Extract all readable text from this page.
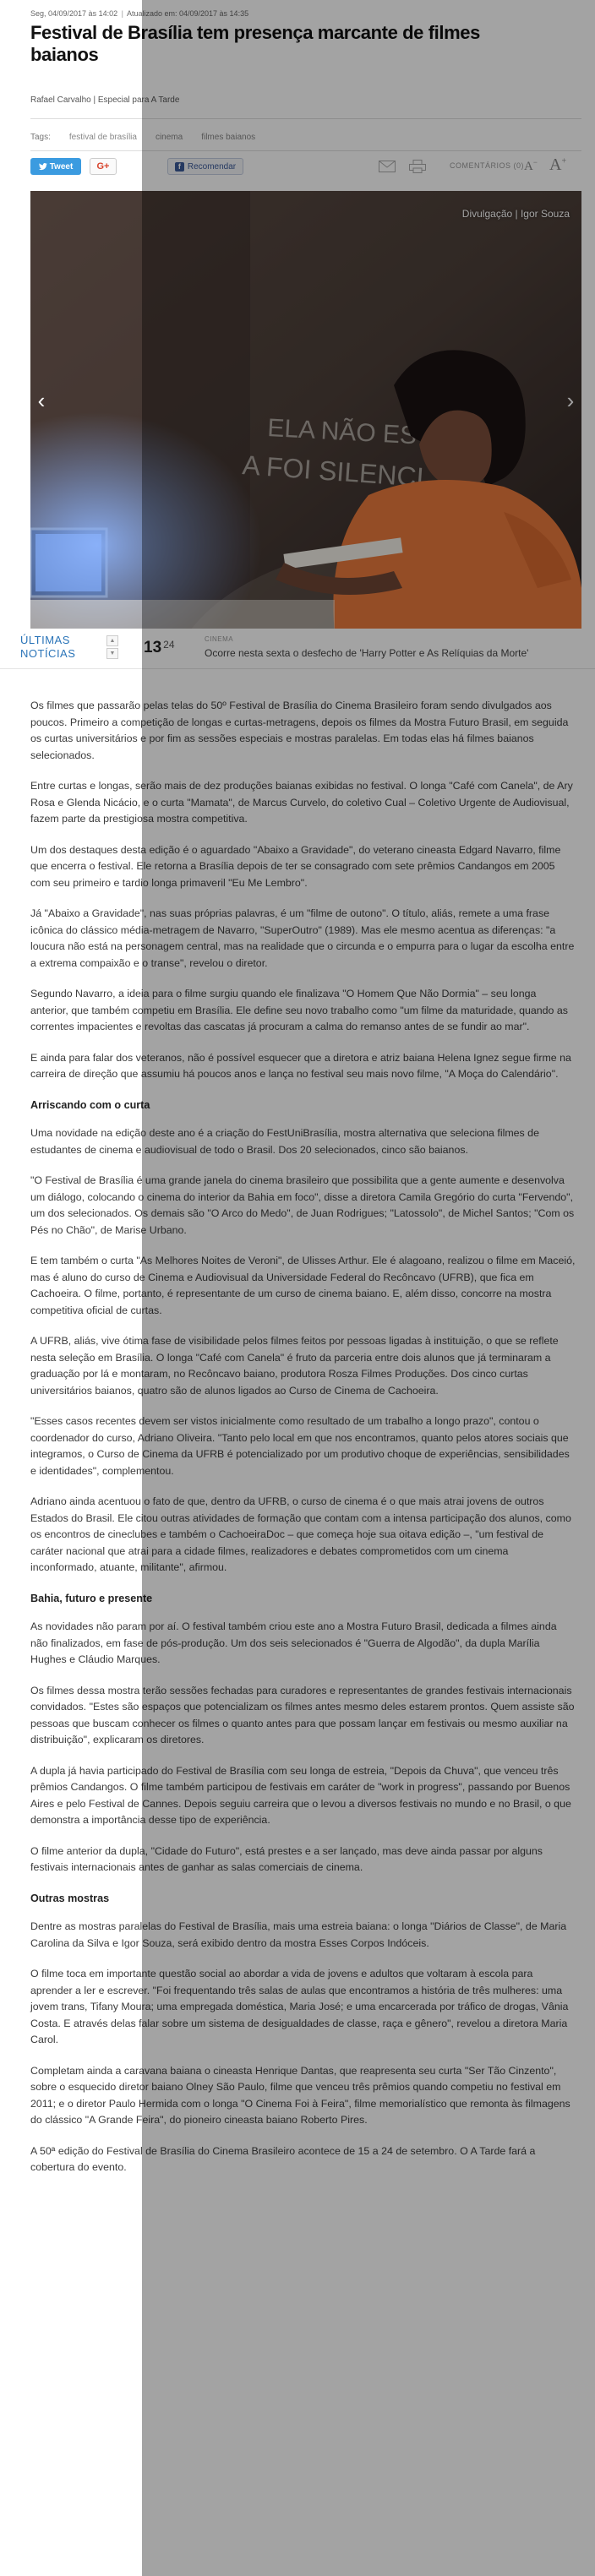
Seg, 04/09/2017 às 14:02 | Atualizado em: 04/09/2017 às 14:35
Festival de Brasília tem presença marcante de filmes baianos
Rafael Carvalho | Especial para A Tarde
Tags: festival de brasília cinema filmes baianos
Tweet	G+	f Recomendar	COMENTÁRIOS (0) A− A+
Divulgação | Igor Souza
‹	›
ÚLTIMAS NOTÍCIAS
▲
▼ 13 $^{24}$	CINEMA
Ocorre nesta sexta o desfecho de 'Harry Potter e As Relíquias da Morte'

Os filmes que passarão pelas telas do 50º Festival de Brasília do Cinema Brasileiro foram sendo divulgados aos poucos. Primeiro a competição de longas e curtas-metragens, depois os filmes da Mostra Futuro Brasil, em seguida os curtas universitários e por fim as sessões especiais e mostras paralelas. Em todas elas há filmes baianos selecionados.

Entre curtas e longas, serão mais de dez produções baianas exibidas no festival. O longa "Café com Canela", de Ary Rosa e Glenda Nicácio, e o curta "Mamata", de Marcus Curvelo, do coletivo Cual – Coletivo Urgente de Audiovisual, fazem parte da prestigiosa mostra competitiva.

Um dos destaques desta edição é o aguardado "Abaixo a Gravidade", do veterano cineasta Edgard Navarro, filme que encerra o festival. Ele retorna a Brasília depois de ter se consagrado com sete prêmios Candangos em 2005 com seu primeiro e tardio longa primaveril "Eu Me Lembro".

Já "Abaixo a Gravidade", nas suas próprias palavras, é um "filme de outono". O título, aliás, remete a uma frase icônica do clássico média-metragem de Navarro, "SuperOutro" (1989). Mas ele mesmo acentua as diferenças: "a loucura não está na personagem central, mas na realidade que o circunda e o empurra para o lugar da escolha entre a extrema compaixão e o transe", revelou o diretor.

Segundo Navarro, a ideia para o filme surgiu quando ele finalizava "O Homem Que Não Dormia" – seu longa anterior, que também competiu em Brasília. Ele define seu novo trabalho como "um filme da maturidade, quando as correntes impacientes e revoltas das cascatas já procuram a calma do remanso antes de se fundir ao mar".

E ainda para falar dos veteranos, não é possível esquecer que a diretora e atriz baiana Helena Ignez segue firme na carreira de direção que assumiu há poucos anos e lança no festival seu mais novo filme, "A Moça do Calendário".

Arriscando com o curta

Uma novidade na edição deste ano é a criação do FestUniBrasília, mostra alternativa que seleciona filmes de estudantes de cinema e audiovisual de todo o Brasil. Dos 20 selecionados, cinco são baianos.

"O Festival de Brasília é uma grande janela do cinema brasileiro que possibilita que a gente aumente e desenvolva um diálogo, colocando o cinema do interior da Bahia em foco", disse a diretora Camila Gregório do curta "Fervendo", um dos selecionados. Os demais são "O Arco do Medo", de Juan Rodrigues; "Latossolo", de Michel Santos; "Com os Pés no Chão", de Marise Urbano.

E tem também o curta "As Melhores Noites de Veroni", de Ulisses Arthur. Ele é alagoano, realizou o filme em Maceió, mas é aluno do curso de Cinema e Audiovisual da Universidade Federal do Recôncavo (UFRB), que fica em Cachoeira. O filme, portanto, é representante de um curso de cinema baiano. E, além disso, concorre na mostra competitiva oficial de curtas.

A UFRB, aliás, vive ótima fase de visibilidade pelos filmes feitos por pessoas ligadas à instituição, o que se reflete nesta seleção em Brasília. O longa "Café com Canela" é fruto da parceria entre dois alunos que já terminaram a graduação por lá e montaram, no Recôncavo baiano, produtora Rosza Filmes Produções. Dos cinco curtas universitários baianos, quatro são de alunos ligados ao Curso de Cinema de Cachoeira.

"Esses casos recentes devem ser vistos inicialmente como resultado de um trabalho a longo prazo", contou o coordenador do curso, Adriano Oliveira. "Tanto pelo local em que nos encontramos, quanto pelos atores sociais que integramos, o Curso de Cinema da UFRB é potencializado por um produtivo choque de experiências, sensibilidades e identidades", complementou.

Adriano ainda acentuou o fato de que, dentro da UFRB, o curso de cinema é o que mais atrai jovens de outros Estados do Brasil. Ele citou outras atividades de formação que contam com a intensa participação dos alunos, como os encontros de cineclubes e também o CachoeiraDoc – que começa hoje sua oitava edição –, "um festival de caráter nacional que atrai para a cidade filmes, realizadores e debates comprometidos com um cinema inconformado, atuante, militante", afirmou.

Bahia, futuro e presente

As novidades não param por aí. O festival também criou este ano a Mostra Futuro Brasil, dedicada a filmes ainda não finalizados, em fase de pós-produção. Um dos seis selecionados é "Guerra de Algodão", da dupla Marília Hughes e Cláudio Marques.

Os filmes dessa mostra terão sessões fechadas para curadores e representantes de grandes festivais internacionais convidados. "Estes são espaços que potencializam os filmes antes mesmo deles estarem prontos. Quem assiste são pessoas que buscam conhecer os filmes o quanto antes para que possam lançar em festivais ou mesmo auxiliar na distribuição", explicaram os diretores.

A dupla já havia participado do Festival de Brasília com seu longa de estreia, "Depois da Chuva", que venceu três prêmios Candangos. O filme também participou de festivais em caráter de "work in progress", passando por Buenos Aires e pelo Festival de Cannes. Depois seguiu carreira que o levou a diversos festivais no mundo e no Brasil, o que demonstra a importância desse tipo de experiência.

O filme anterior da dupla, "Cidade do Futuro", está prestes e a ser lançado, mas deve ainda passar por alguns festivais internacionais antes de ganhar as salas comerciais de cinema.

Outras mostras

Dentre as mostras paralelas do Festival de Brasília, mais uma estreia baiana: o longa "Diários de Classe", de Maria Carolina da Silva e Igor Souza, será exibido dentro da mostra Esses Corpos Indóceis.

O filme toca em importante questão social ao abordar a vida de jovens e adultos que voltaram à escola para aprender a ler e escrever. "Foi frequentando três salas de aulas que encontramos a história de três mulheres: uma jovem trans, Tifany Moura; uma empregada doméstica, Maria José; e uma encarcerada por tráfico de drogas, Vânia Costa. E através delas falar sobre um sistema de desigualdades de classe, raça e gênero", revelou a diretora Maria Carol.

Completam ainda a caravana baiana o cineasta Henrique Dantas, que reapresenta seu curta "Ser Tão Cinzento", sobre o esquecido diretor baiano Olney São Paulo, filme que venceu três prêmios quando competiu no festival em 2011; e o diretor Paulo Hermida com o longa "O Cinema Foi à Feira", filme memorialístico que remonta às filmagens do clássico "A Grande Feira", do pioneiro cineasta baiano Roberto Pires.

A 50ª edição do Festival de Brasília do Cinema Brasileiro acontece de 15 a 24 de setembro. O A Tarde fará a cobertura do evento.
